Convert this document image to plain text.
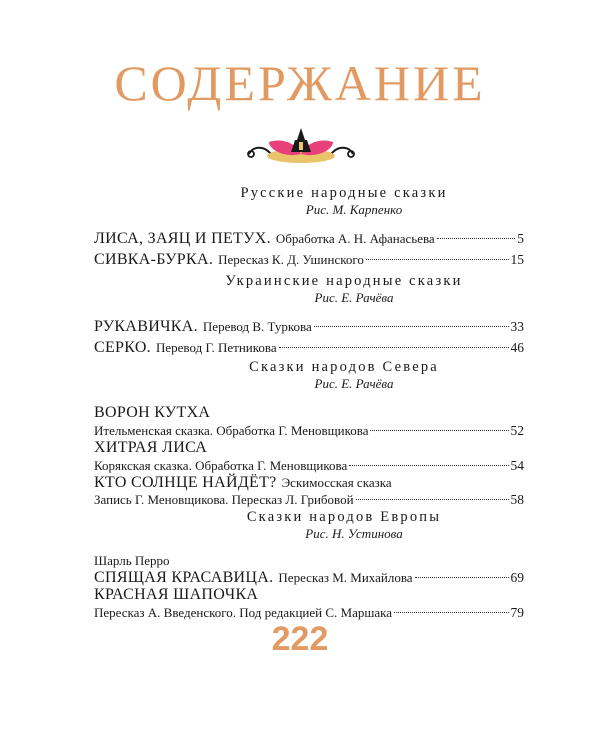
СОДЕРЖАНИЕ
Русские народные сказки
Рис. М. Карпенко
ЛИСА, ЗАЯЦ И ПЕТУХ. Обработка А. Н. Афанасьева	5
СИВКА-БУРКА. Пересказ К. Д. Ушинского	15
Украинские народные сказки
Рис. Е. Рачёва
РУКАВИЧКА. Перевод В. Туркова	33
СЕРКО. Перевод Г. Петникова	46
Сказки народов Севера
Рис. Е. Рачёва
ВОРОН КУТХА
Ительменская сказка. Обработка Г. Меновщикова	52
ХИТРАЯ ЛИСА
Корякская сказка. Обработка Г. Меновщикова	54
КТО СОЛНЦЕ НАЙДЁТ? Эскимосская сказка
Запись Г. Меновщикова. Пересказ Л. Грибовой	58
Сказки народов Европы
Рис. Н. Устинова
Шарль Перро
СПЯЩАЯ КРАСАВИЦА. Пересказ М. Михайлова	69
КРАСНАЯ ШАПОЧКА
Пересказ А. Введенского. Под редакцией С. Маршака	79
222
